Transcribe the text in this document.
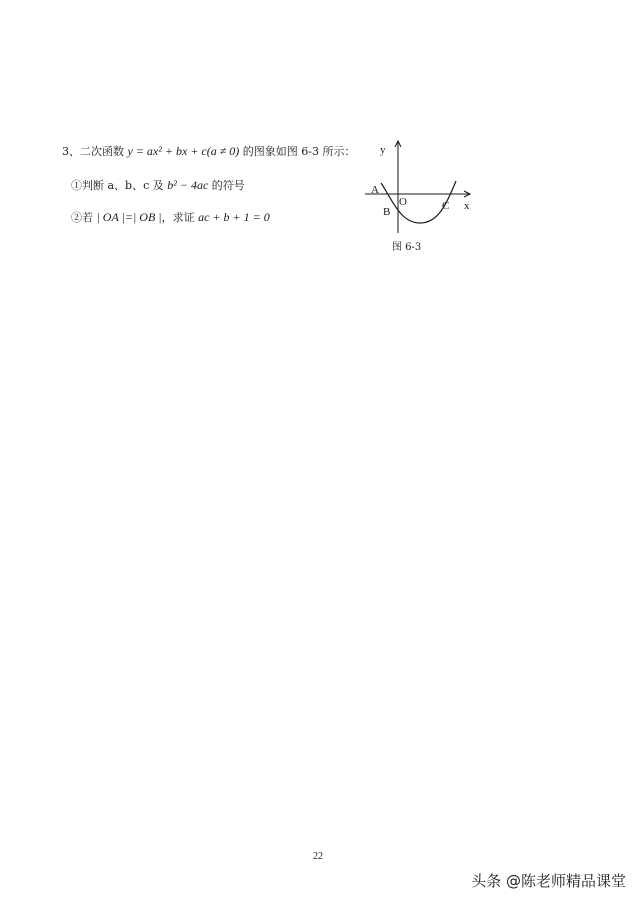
3、二次函数 y = ax² + bx + c(a ≠ 0) 的图象如图 6-3 所示：
①判断 a、b、c 及 b² − 4ac 的符号
②若 | OA |=| OB |，求证 ac + b + 1 = 0
y
x
A
O
B	C
图 6-3
22
头条 @陈老师精品课堂
